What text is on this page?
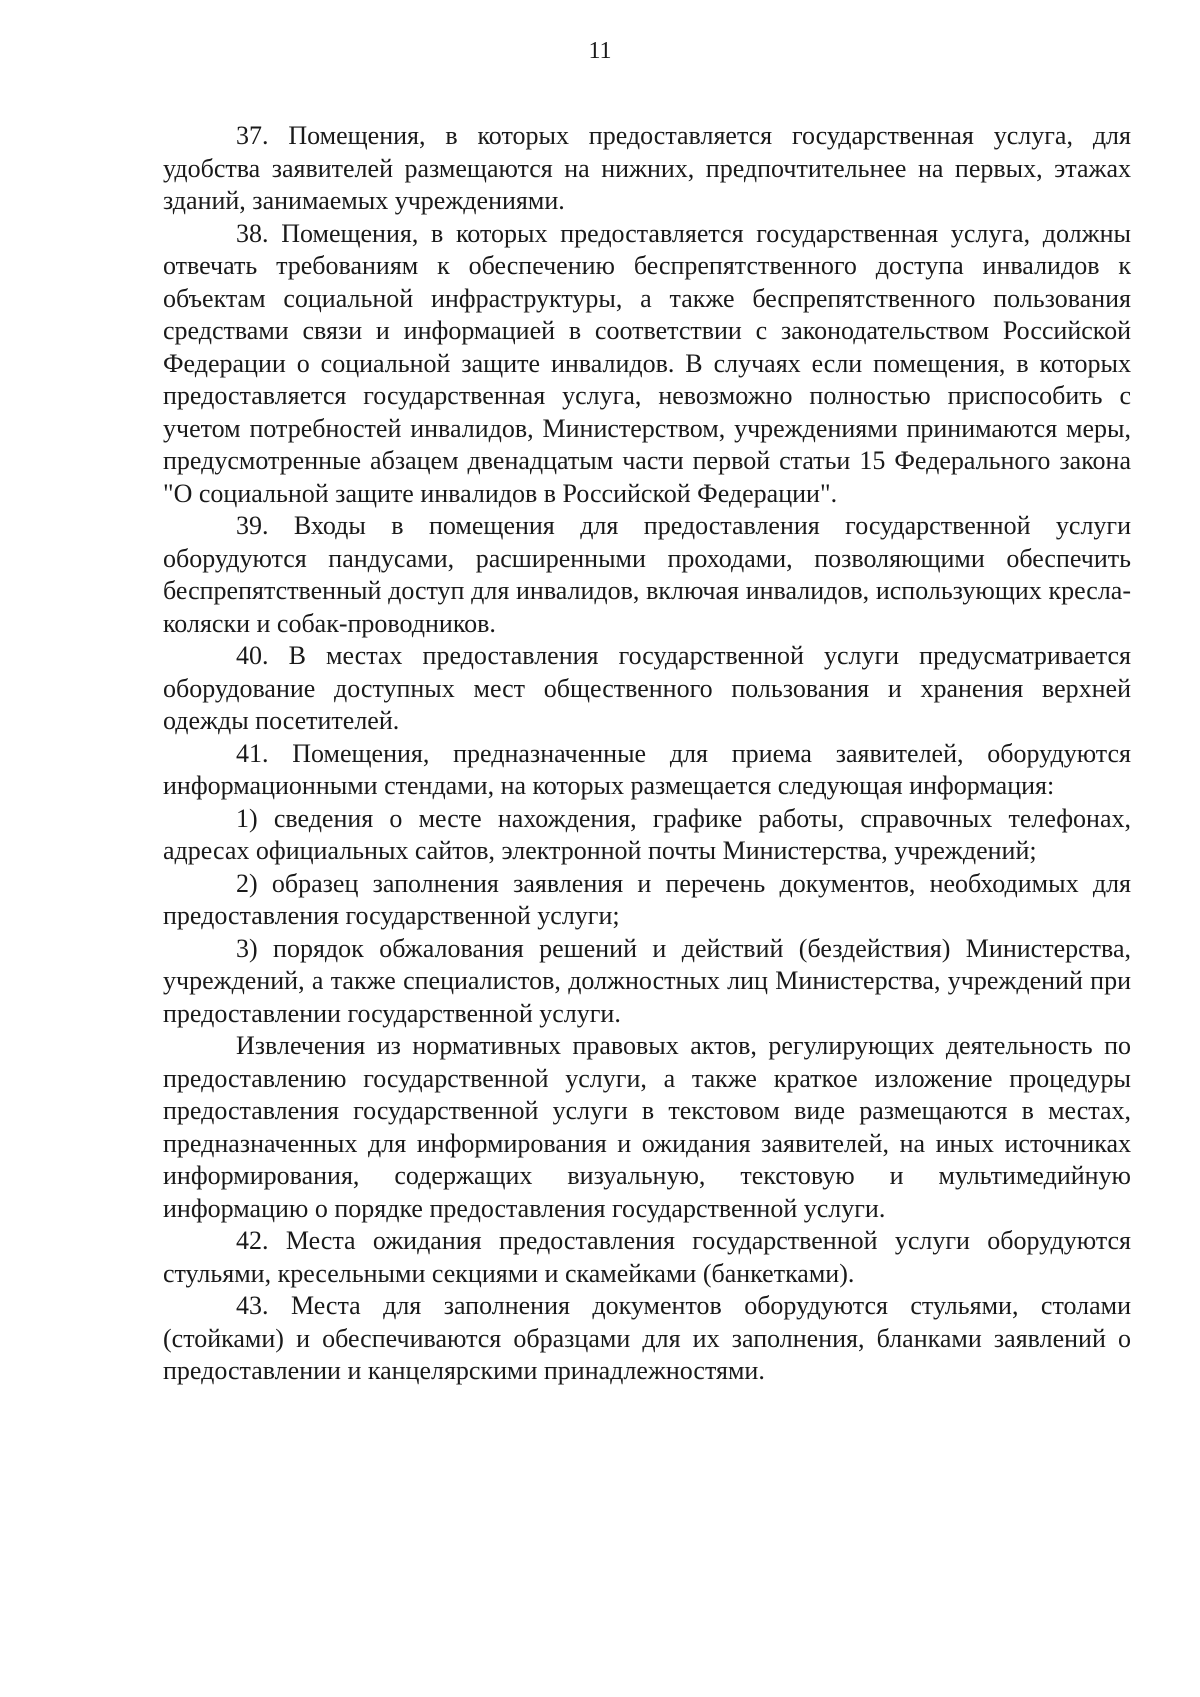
11

37. Помещения, в которых предоставляется государственная услуга, для удобства заявителей размещаются на нижних, предпочтительнее на первых, этажах зданий, занимаемых учреждениями.

38. Помещения, в которых предоставляется государственная услуга, должны отвечать требованиям к обеспечению беспрепятственного доступа инвалидов к объектам социальной инфраструктуры, а также беспрепятственного пользования средствами связи и информацией в соответствии с законодательством Российской Федерации о социальной защите инвалидов. В случаях если помещения, в которых предоставляется государственная услуга, невозможно полностью приспособить с учетом потребностей инвалидов, Министерством, учреждениями принимаются меры, предусмотренные абзацем двенадцатым части первой статьи 15 Федерального закона "О социальной защите инвалидов в Российской Федерации".

39. Входы в помещения для предоставления государственной услуги оборудуются пандусами, расширенными проходами, позволяющими обеспечить беспрепятственный доступ для инвалидов, включая инвалидов, использующих кресла-коляски и собак-проводников.

40. В местах предоставления государственной услуги предусматривается оборудование доступных мест общественного пользования и хранения верхней одежды посетителей.

41. Помещения, предназначенные для приема заявителей, оборудуются информационными стендами, на которых размещается следующая информация:

1) сведения о месте нахождения, графике работы, справочных телефонах, адресах официальных сайтов, электронной почты Министерства, учреждений;

2) образец заполнения заявления и перечень документов, необходимых для предоставления государственной услуги;

3) порядок обжалования решений и действий (бездействия) Министерства, учреждений, а также специалистов, должностных лиц Министерства, учреждений при предоставлении государственной услуги.

Извлечения из нормативных правовых актов, регулирующих деятельность по предоставлению государственной услуги, а также краткое изложение процедуры предоставления государственной услуги в текстовом виде размещаются в местах, предназначенных для информирования и ожидания заявителей, на иных источниках информирования, содержащих визуальную, текстовую и мультимедийную информацию о порядке предоставления государственной услуги.

42. Места ожидания предоставления государственной услуги оборудуются стульями, кресельными секциями и скамейками (банкетками).

43. Места для заполнения документов оборудуются стульями, столами (стойками) и обеспечиваются образцами для их заполнения, бланками заявлений о предоставлении и канцелярскими принадлежностями.
